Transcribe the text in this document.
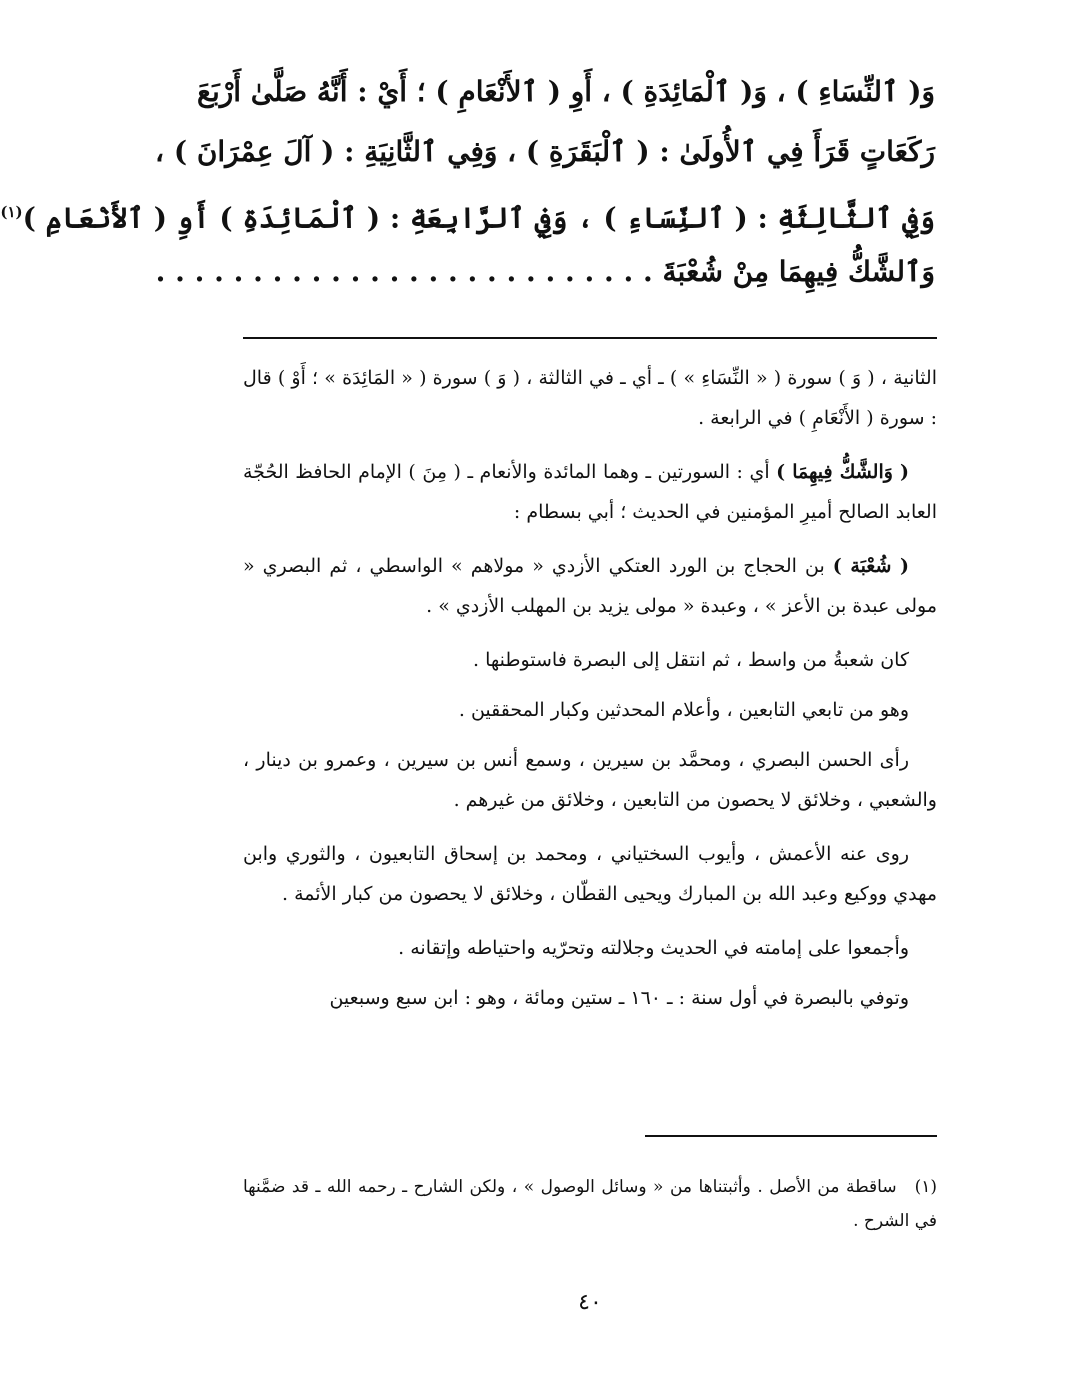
وَ( ٱلنِّسَاءِ ) ، وَ( ٱلْمَائِدَةِ ) ، أَوِ ( ٱلأَنْعَامِ ) ؛ أَيْ : أَنَّهُ صَلَّىٰ أَرْبَعَ
رَكَعَاتٍ قَرَأَ فِي ٱلأُولَىٰ : ( ٱلْبَقَرَةِ ) ، وَفِي ٱلثَّانِيَةِ : ( آلَ عِمْرَانَ ) ،
وَفِي ٱلثَّالِثَةِ : ( ٱلنِّسَاءِ ) ، وَفِي ٱلرَّابِعَةِ : ( ٱلْمَائِدَةِ ) أَوِ ( ٱلأَنْعَامِ )$^{(١)}$
وَٱلشَّكُّ فِيهِمَا مِنْ شُعْبَةَ . . . . . . . . . . . . . . . . . . . . . . . . . .

الثانية ، ( وَ ) سورة ( « النِّسَاءِ » ) ـ أي ـ في الثالثة ، ( وَ ) سورة ( « المَائِدَة » ؛ أَوْ ) قال : سورة ( الأَنْعَامِ ) في الرابعة .

( وَالشَّكُّ فِيهِمَا ) أي : السورتين ـ وهما المائدة والأنعام ـ ( مِنَ ) الإمام الحافظ الحُجّة العابد الصالح أميرِ المؤمنين في الحديث ؛ أبي بسطام :

( شُعْبَة ) بن الحجاج بن الورد العتكي الأزدي « مولاهم » الواسطي ، ثم البصري « مولى عبدة بن الأعز » ، وعبدة « مولى يزيد بن المهلب الأزدي » .

كان شعبةُ من واسط ، ثم انتقل إلى البصرة فاستوطنها .

وهو من تابعي التابعين ، وأعلام المحدثين وكبار المحققين .

رأى الحسن البصري ، ومحمَّد بن سيرين ، وسمع أنس بن سيرين ، وعمرو بن دينار ، والشعبي ، وخلائق لا يحصون من التابعين ، وخلائق من غيرهم .

روى عنه الأعمش ، وأيوب السختياني ، ومحمد بن إسحاق التابعيون ، والثوري وابن مهدي ووكيع وعبد الله بن المبارك ويحيى القطّان ، وخلائق لا يحصون من كبار الأئمة .

وأجمعوا على إمامته في الحديث وجلالته وتحرّيه واحتياطه وإتقانه .

وتوفي بالبصرة في أول سنة : ـ ١٦٠ ـ ستين ومائة ، وهو : ابن سبع وسبعين

(١)ساقطة من الأصل . وأثبتناها من « وسائل الوصول » ، ولكن الشارح ـ رحمه الله ـ قد ضمَّنها في الشرح .
٤٠
